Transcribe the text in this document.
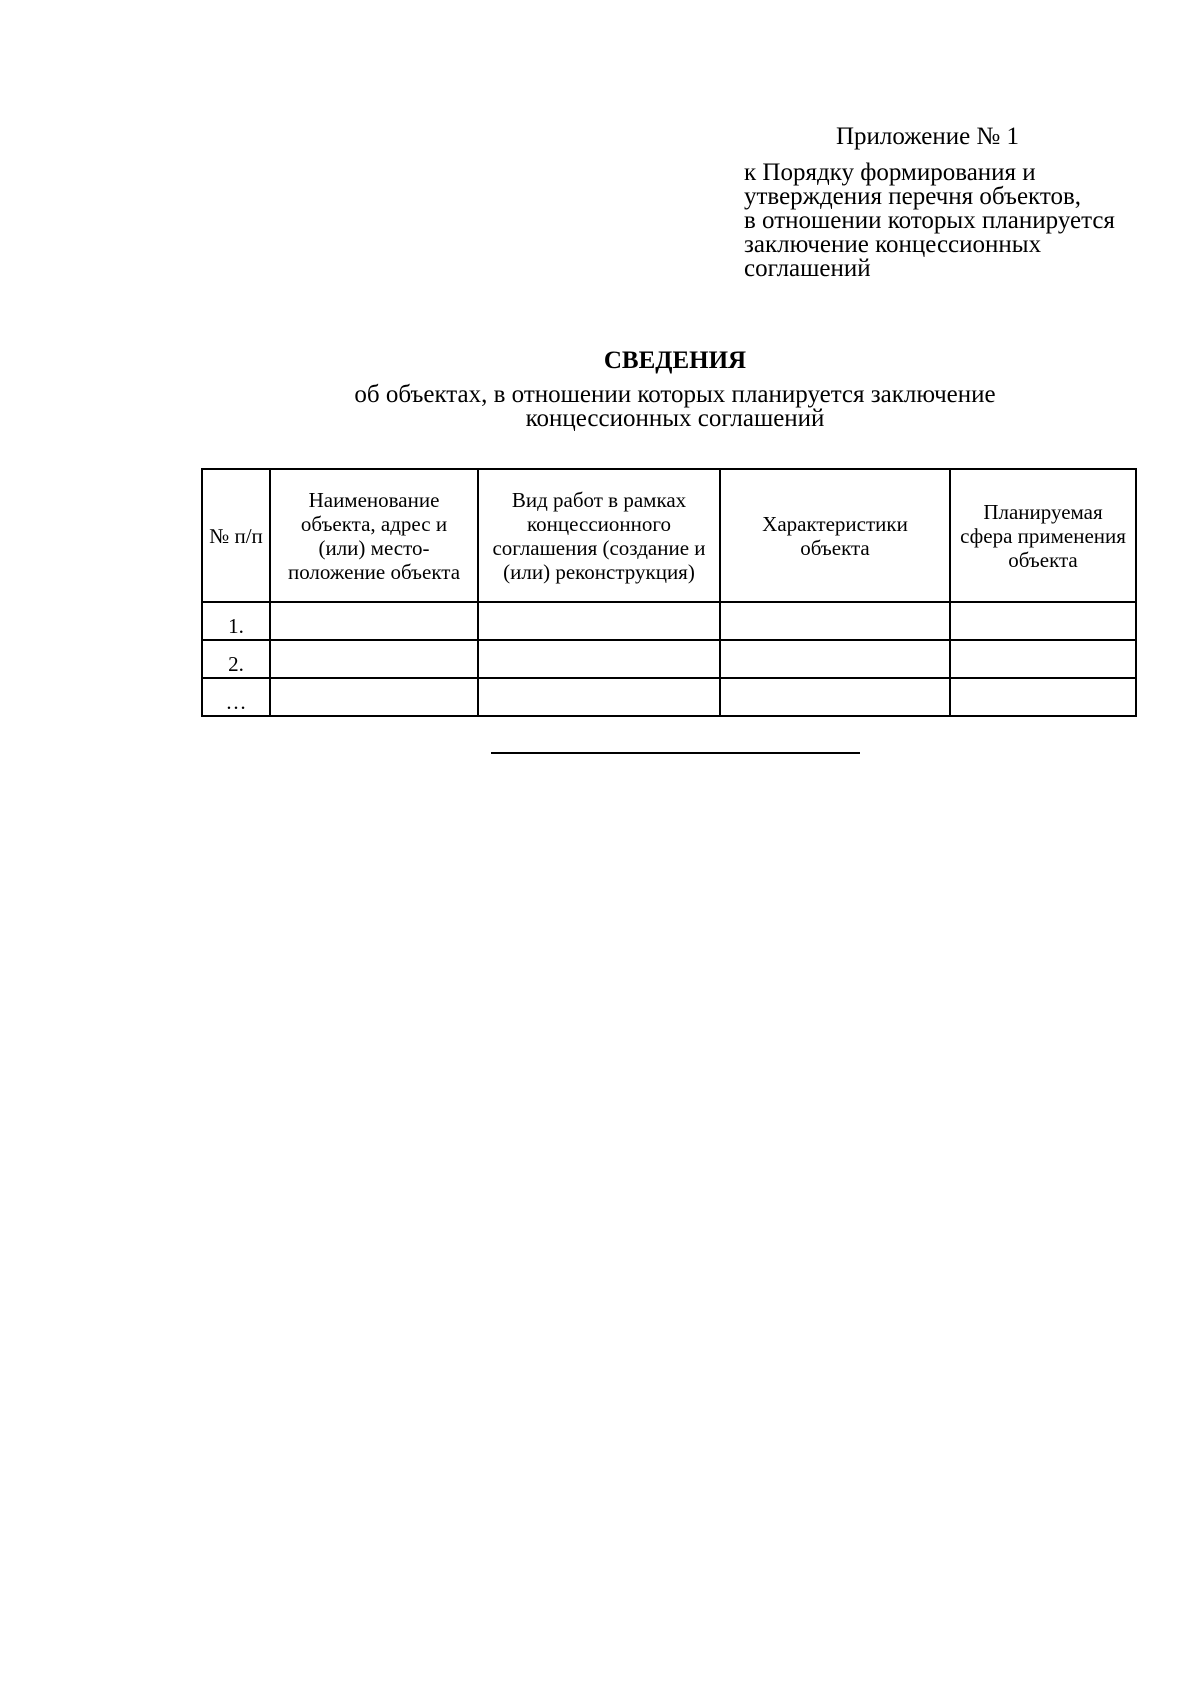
Приложение № 1
к Порядку формирования и
утверждения перечня объектов,
в отношении которых планируется
заключение концессионных
соглашений
СВЕДЕНИЯ
об объектах, в отношении которых планируется заключение
концессионных соглашений
№ п/п	Наименование объекта, адрес и (или) место-положение объекта	Вид работ в рамках концессионного соглашения (создание и (или) реконструкция)	Характеристики объекта	Планируемая сфера применения объекта
1.				
2.				
…				
